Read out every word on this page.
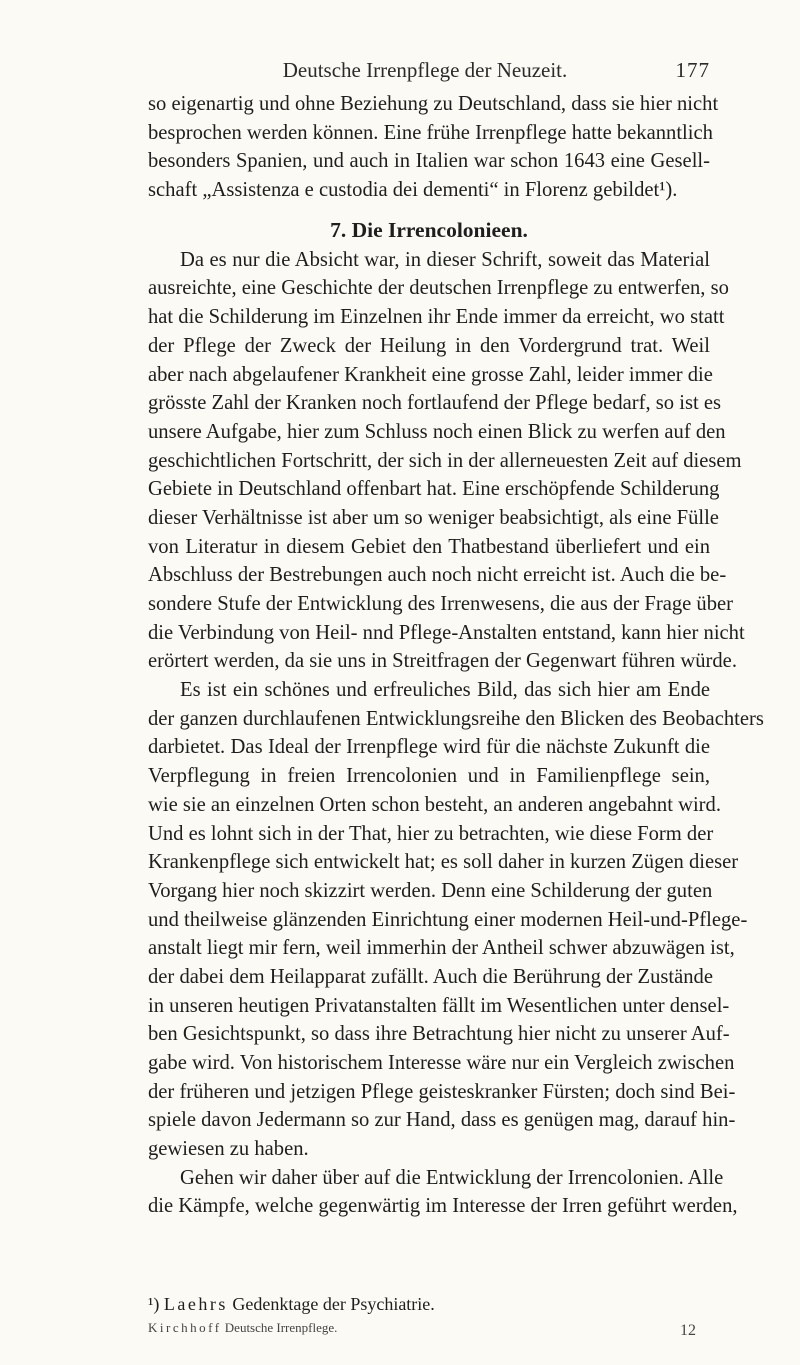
Deutsche Irrenpflege der Neuzeit.	177
so eigenartig und ohne Beziehung zu Deutschland, dass sie hier nicht
besprochen werden können. Eine frühe Irrenpflege hatte bekanntlich
besonders Spanien, und auch in Italien war schon 1643 eine Gesell-
schaft „Assistenza e custodia dei dementi“ in Florenz gebildet¹).
7. Die Irrencolonieen.
Da es nur die Absicht war, in dieser Schrift, soweit das Material
ausreichte, eine Geschichte der deutschen Irrenpflege zu entwerfen, so
hat die Schilderung im Einzelnen ihr Ende immer da erreicht, wo statt
der Pflege der Zweck der Heilung in den Vordergrund trat. Weil
aber nach abgelaufener Krankheit eine grosse Zahl, leider immer die
grösste Zahl der Kranken noch fortlaufend der Pflege bedarf, so ist es
unsere Aufgabe, hier zum Schluss noch einen Blick zu werfen auf den
geschichtlichen Fortschritt, der sich in der allerneuesten Zeit auf diesem
Gebiete in Deutschland offenbart hat. Eine erschöpfende Schilderung
dieser Verhältnisse ist aber um so weniger beabsichtigt, als eine Fülle
von Literatur in diesem Gebiet den Thatbestand überliefert und ein
Abschluss der Bestrebungen auch noch nicht erreicht ist. Auch die be-
sondere Stufe der Entwicklung des Irrenwesens, die aus der Frage über
die Verbindung von Heil- nnd Pflege-Anstalten entstand, kann hier nicht
erörtert werden, da sie uns in Streitfragen der Gegenwart führen würde.
Es ist ein schönes und erfreuliches Bild, das sich hier am Ende
der ganzen durchlaufenen Entwicklungsreihe den Blicken des Beobachters
darbietet. Das Ideal der Irrenpflege wird für die nächste Zukunft die
Verpflegung in freien Irrencolonien und in Familienpflege sein,
wie sie an einzelnen Orten schon besteht, an anderen angebahnt wird.
Und es lohnt sich in der That, hier zu betrachten, wie diese Form der
Krankenpflege sich entwickelt hat; es soll daher in kurzen Zügen dieser
Vorgang hier noch skizzirt werden. Denn eine Schilderung der guten
und theilweise glänzenden Einrichtung einer modernen Heil-und-Pflege-
anstalt liegt mir fern, weil immerhin der Antheil schwer abzuwägen ist,
der dabei dem Heilapparat zufällt. Auch die Berührung der Zustände
in unseren heutigen Privatanstalten fällt im Wesentlichen unter densel-
ben Gesichtspunkt, so dass ihre Betrachtung hier nicht zu unserer Auf-
gabe wird. Von historischem Interesse wäre nur ein Vergleich zwischen
der früheren und jetzigen Pflege geisteskranker Fürsten; doch sind Bei-
spiele davon Jedermann so zur Hand, dass es genügen mag, darauf hin-
gewiesen zu haben.
Gehen wir daher über auf die Entwicklung der Irrencolonien. Alle
die Kämpfe, welche gegenwärtig im Interesse der Irren geführt werden,
¹) Laehrs Gedenktage der Psychiatrie.
Kirchhoff Deutsche Irrenpflege.	12
